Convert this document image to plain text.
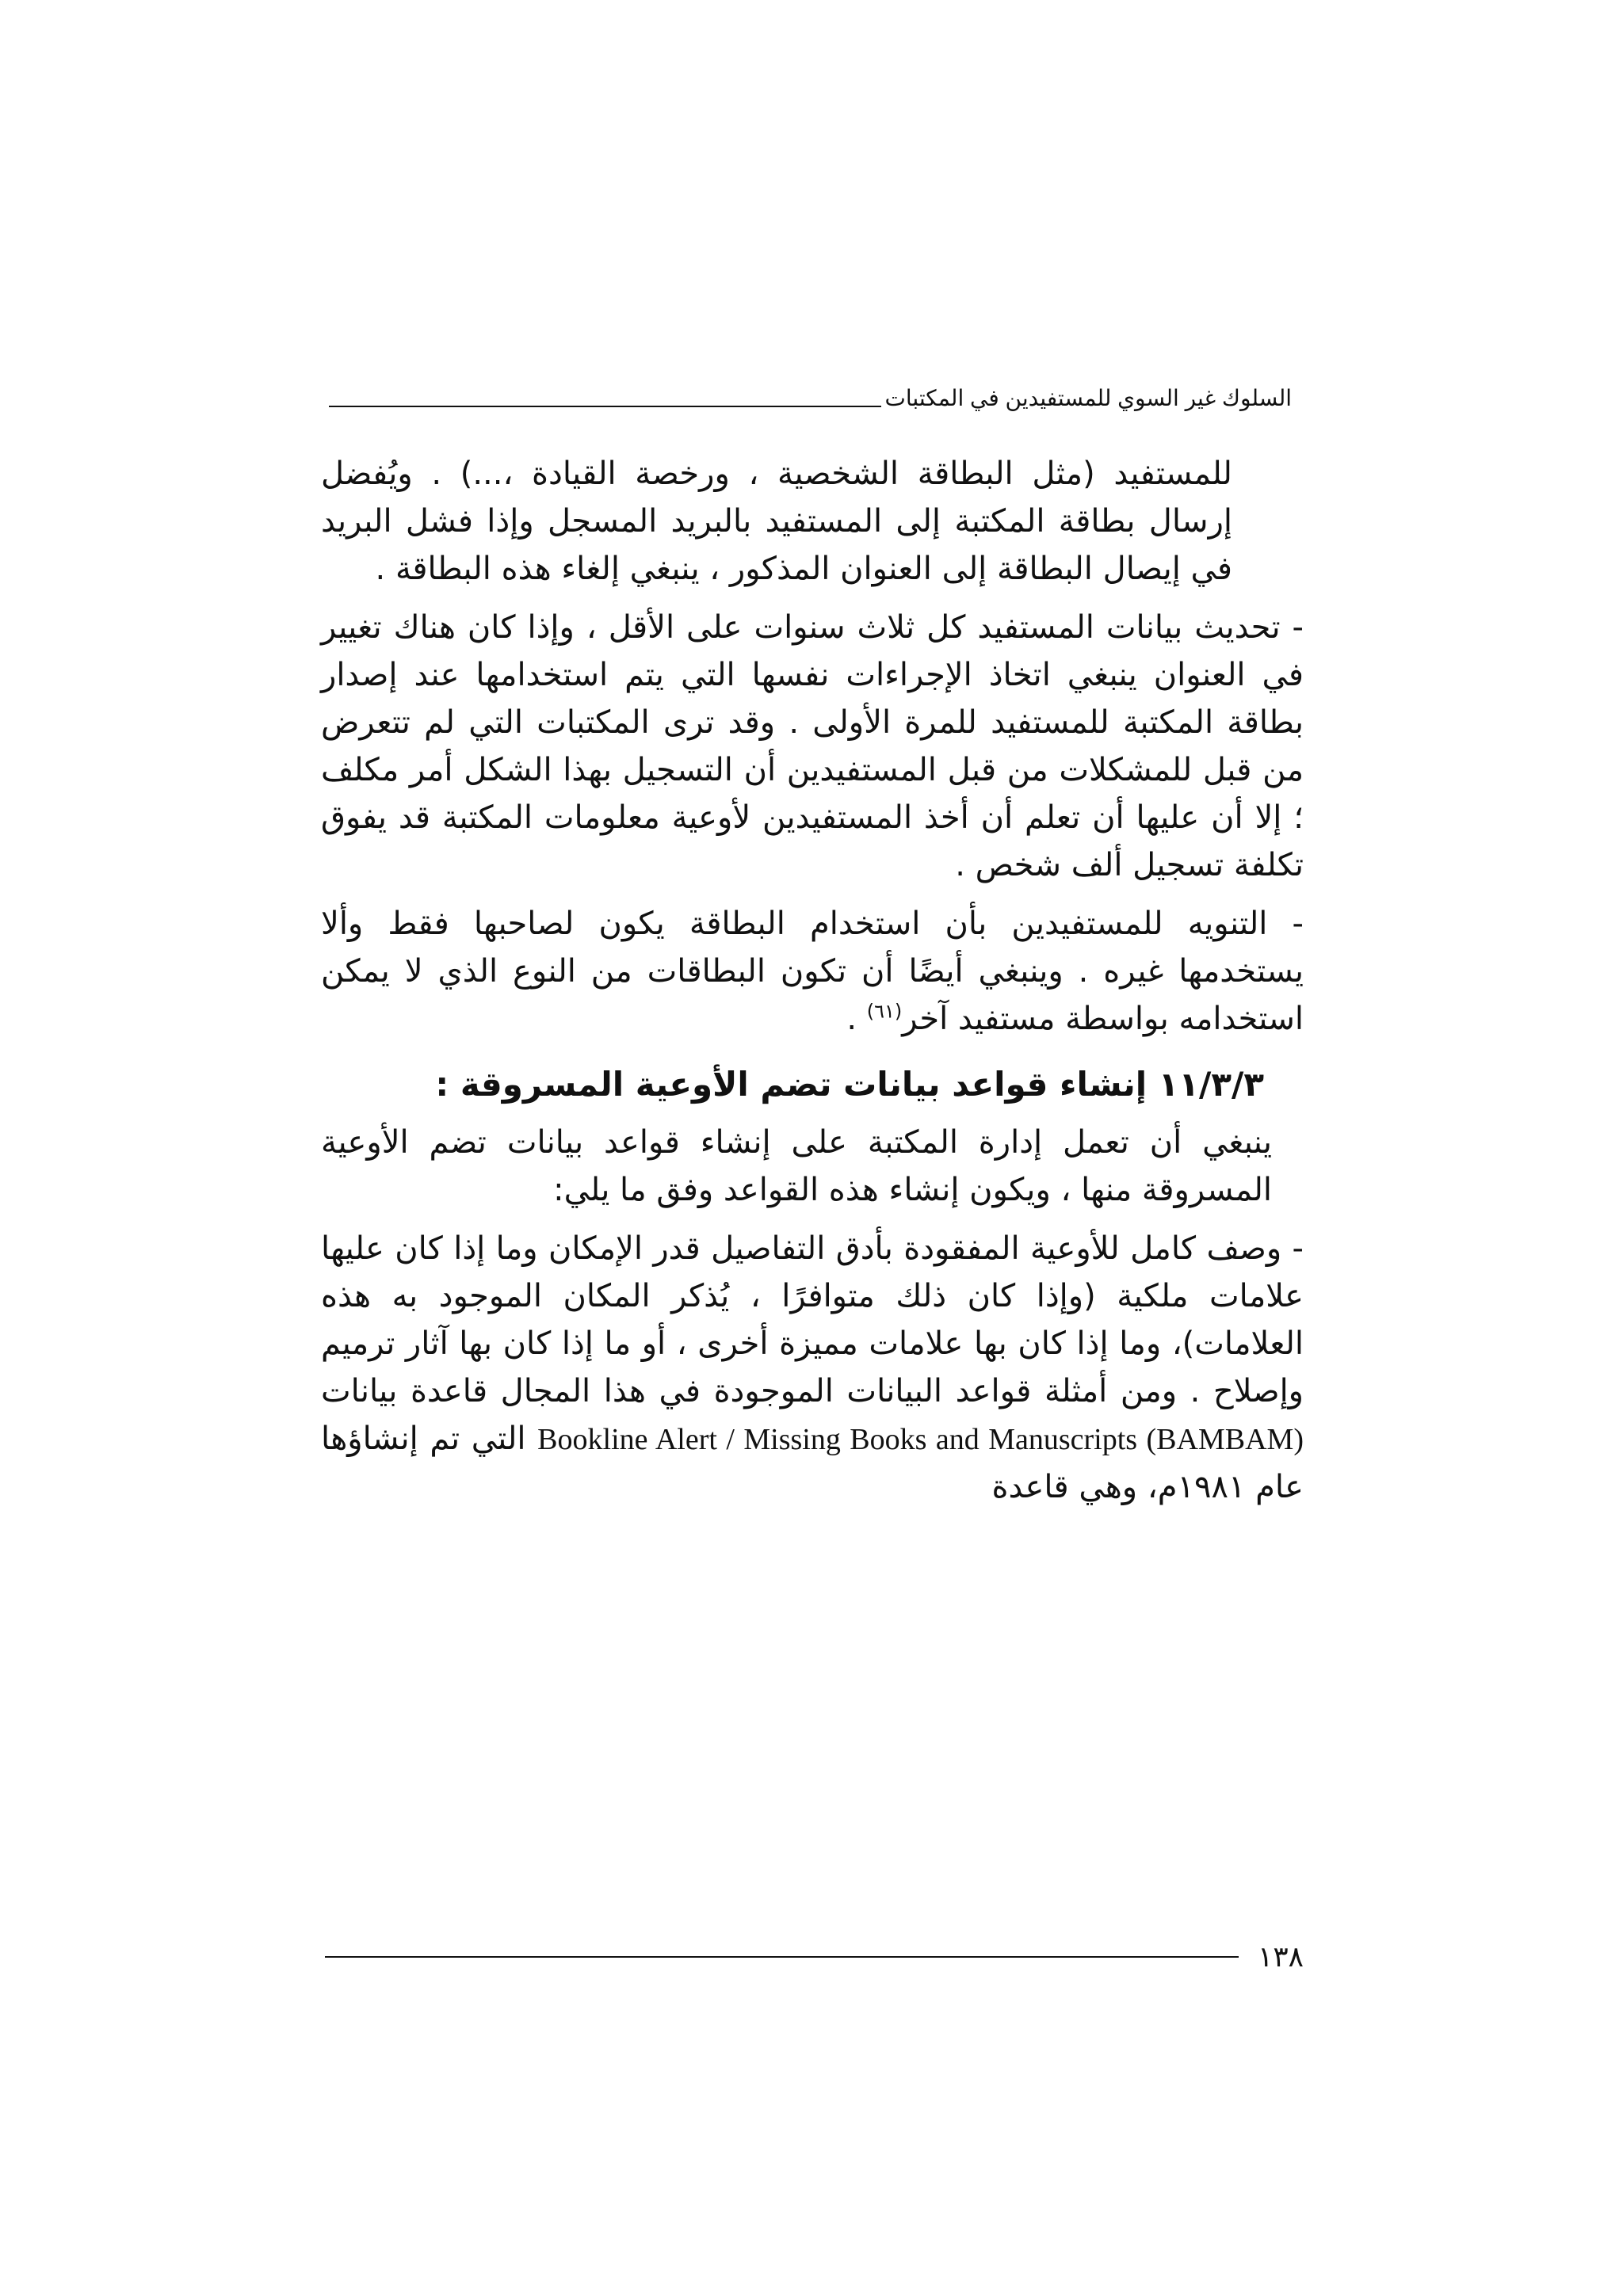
السلوك غير السوي للمستفيدين في المكتبات

للمستفيد (مثل البطاقة الشخصية ، ورخصة القيادة ،...) . ويُفضل إرسال بطاقة المكتبة إلى المستفيد بالبريد المسجل وإذا فشل البريد في إيصال البطاقة إلى العنوان المذكور ، ينبغي إلغاء هذه البطاقة .

- تحديث بيانات المستفيد كل ثلاث سنوات على الأقل ، وإذا كان هناك تغيير في العنوان ينبغي اتخاذ الإجراءات نفسها التي يتم استخدامها عند إصدار بطاقة المكتبة للمستفيد للمرة الأولى . وقد ترى المكتبات التي لم تتعرض من قبل للمشكلات من قبل المستفيدين أن التسجيل بهذا الشكل أمر مكلف ؛ إلا أن عليها أن تعلم أن أخذ المستفيدين لأوعية معلومات المكتبة قد يفوق تكلفة تسجيل ألف شخص .

- التنويه للمستفيدين بأن استخدام البطاقة يكون لصاحبها فقط وألا يستخدمها غيره . وينبغي أيضًا أن تكون البطاقات من النوع الذي لا يمكن استخدامه بواسطة مستفيد آخر$^{(٦١)}$ .

١١/٣/٣ إنشاء قواعد بيانات تضم الأوعية المسروقة :

ينبغي أن تعمل إدارة المكتبة على إنشاء قواعد بيانات تضم الأوعية المسروقة منها ، ويكون إنشاء هذه القواعد وفق ما يلي:

- وصف كامل للأوعية المفقودة بأدق التفاصيل قدر الإمكان وما إذا كان عليها علامات ملكية (وإذا كان ذلك متوافرًا ، يُذكر المكان الموجود به هذه العلامات)، وما إذا كان بها علامات مميزة أخرى ، أو ما إذا كان بها آثار ترميم وإصلاح . ومن أمثلة قواعد البيانات الموجودة في هذا المجال قاعدة بيانات Bookline Alert / Missing Books and Manuscripts (BAMBAM) التي تم إنشاؤها عام ١٩٨١م، وهي قاعدة

١٣٨
